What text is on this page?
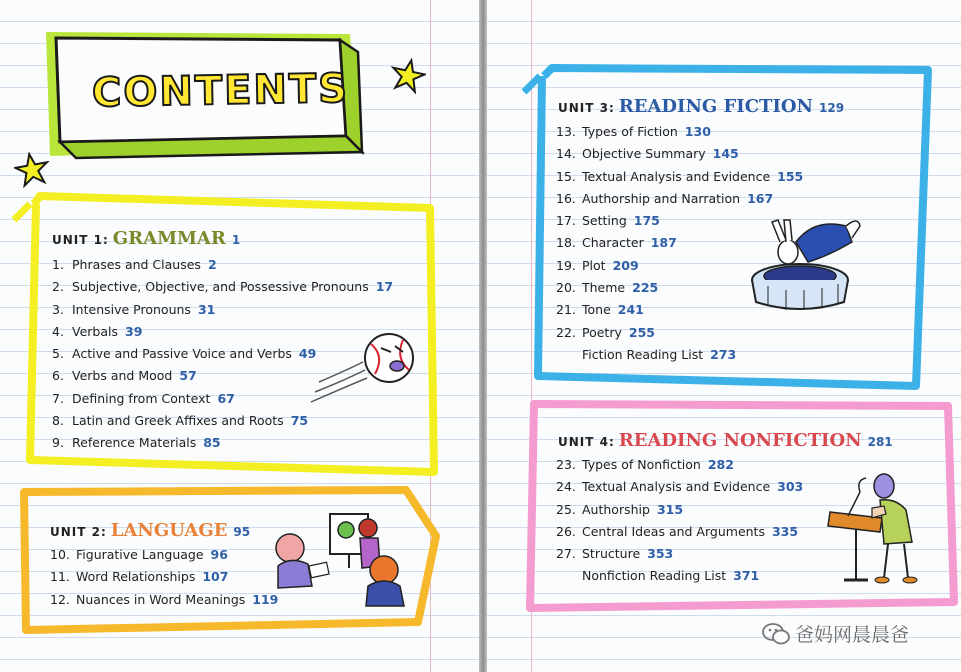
CONTENTS
UNIT 1: GRAMMAR 1
1. Phrases and Clauses 2
2. Subjective, Objective, and Possessive Pronouns 17
3. Intensive Pronouns 31
4. Verbals 39
5. Active and Passive Voice and Verbs 49
6. Verbs and Mood 57
7. Defining from Context 67
8. Latin and Greek Affixes and Roots 75
9. Reference Materials 85
UNIT 2: LANGUAGE 95
10. Figurative Language 96
11. Word Relationships 107
12. Nuances in Word Meanings 119
UNIT 3: READING FICTION 129
13. Types of Fiction 130
14. Objective Summary 145
15. Textual Analysis and Evidence 155
16. Authorship and Narration 167
17. Setting 175
18. Character 187
19. Plot 209
20. Theme 225
21. Tone 241
22. Poetry 255
Fiction Reading List 273
UNIT 4: READING NONFICTION 281
23. Types of Nonfiction 282
24. Textual Analysis and Evidence 303
25. Authorship 315
26. Central Ideas and Arguments 335
27. Structure 353
Nonfiction Reading List 371
爸妈网晨晨爸
